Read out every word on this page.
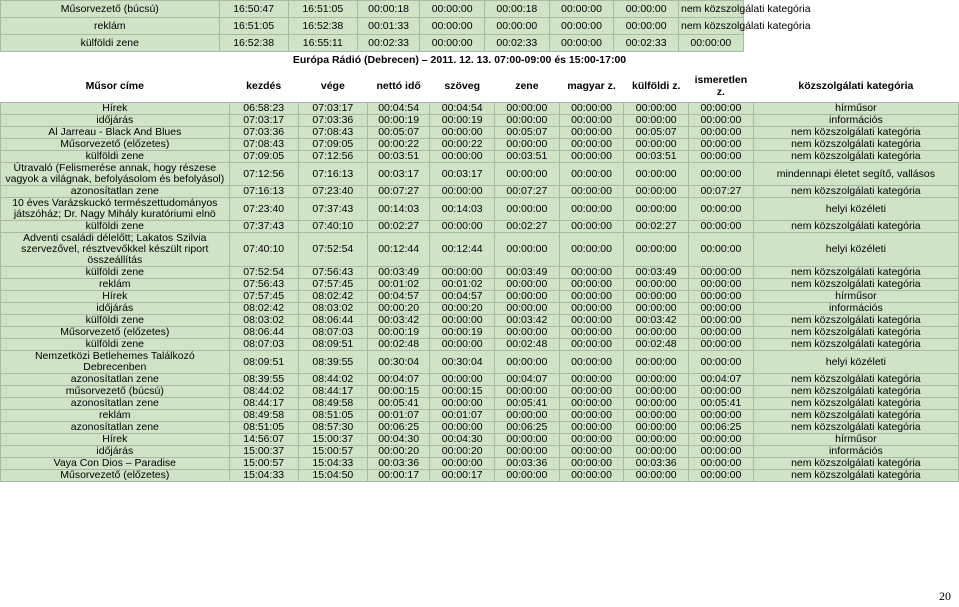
Műsorvezető (búcsú)	16:50:47	16:51:05	00:00:18	00:00:00	00:00:18	00:00:00	00:00:00	nem közszolgálati kategória
reklám	16:51:05	16:52:38	00:01:33	00:00:00	00:00:00	00:00:00	00:00:00	nem közszolgálati kategória
külföldi zene	16:52:38	16:55:11	00:02:33	00:00:00	00:02:33	00:00:00	00:02:33	00:00:00
Európa Rádió (Debrecen) – 2011. 12. 13. 07:00-09:00 és 15:00-17:00
Műsor címe	kezdés	vége	nettó idő	szöveg	zene	magyar z.	külföldi z.	ismeretlen z.	közszolgálati kategória
Hírek	06:58:23	07:03:17	00:04:54	00:04:54	00:00:00	00:00:00	00:00:00	00:00:00	hírműsor
időjárás	07:03:17	07:03:36	00:00:19	00:00:19	00:00:00	00:00:00	00:00:00	00:00:00	információs
Al Jarreau - Black And Blues	07:03:36	07:08:43	00:05:07	00:00:00	00:05:07	00:00:00	00:05:07	00:00:00	nem közszolgálati kategória
Műsorvezető (előzetes)	07:08:43	07:09:05	00:00:22	00:00:22	00:00:00	00:00:00	00:00:00	00:00:00	nem közszolgálati kategória
külföldi zene	07:09:05	07:12:56	00:03:51	00:00:00	00:03:51	00:00:00	00:03:51	00:00:00	nem közszolgálati kategória
Útravaló (Felismerése annak, hogy részese vagyok a világnak, befolyásolom és befolyásol)	07:12:56	07:16:13	00:03:17	00:03:17	00:00:00	00:00:00	00:00:00	00:00:00	mindennapi életet segítő, vallásos
azonosítatlan zene	07:16:13	07:23:40	00:07:27	00:00:00	00:07:27	00:00:00	00:00:00	00:07:27	nem közszolgálati kategória
10 éves Varázskuckó természettudományos játszóház; Dr. Nagy Mihály kuratóriumi elnö	07:23:40	07:37:43	00:14:03	00:14:03	00:00:00	00:00:00	00:00:00	00:00:00	helyi közéleti
külföldi zene	07:37:43	07:40:10	00:02:27	00:00:00	00:02:27	00:00:00	00:02:27	00:00:00	nem közszolgálati kategória
Adventi családi délelőtt; Lakatos Szilvia szervezővel, résztvevőkkel készült riport összeállítás	07:40:10	07:52:54	00:12:44	00:12:44	00:00:00	00:00:00	00:00:00	00:00:00	helyi közéleti
külföldi zene	07:52:54	07:56:43	00:03:49	00:00:00	00:03:49	00:00:00	00:03:49	00:00:00	nem közszolgálati kategória
reklám	07:56:43	07:57:45	00:01:02	00:01:02	00:00:00	00:00:00	00:00:00	00:00:00	nem közszolgálati kategória
Hírek	07:57:45	08:02:42	00:04:57	00:04:57	00:00:00	00:00:00	00:00:00	00:00:00	hírműsor
időjárás	08:02:42	08:03:02	00:00:20	00:00:20	00:00:00	00:00:00	00:00:00	00:00:00	információs
külföldi zene	08:03:02	08:06:44	00:03:42	00:00:00	00:03:42	00:00:00	00:03:42	00:00:00	nem közszolgálati kategória
Műsorvezető (előzetes)	08:06:44	08:07:03	00:00:19	00:00:19	00:00:00	00:00:00	00:00:00	00:00:00	nem közszolgálati kategória
külföldi zene	08:07:03	08:09:51	00:02:48	00:00:00	00:02:48	00:00:00	00:02:48	00:00:00	nem közszolgálati kategória
Nemzetközi Betlehemes Találkozó Debrecenben	08:09:51	08:39:55	00:30:04	00:30:04	00:00:00	00:00:00	00:00:00	00:00:00	helyi közéleti
azonosítatlan zene	08:39:55	08:44:02	00:04:07	00:00:00	00:04:07	00:00:00	00:00:00	00:04:07	nem közszolgálati kategória
műsorvezető (búcsú)	08:44:02	08:44:17	00:00:15	00:00:15	00:00:00	00:00:00	00:00:00	00:00:00	nem közszolgálati kategória
azonosítatlan zene	08:44:17	08:49:58	00:05:41	00:00:00	00:05:41	00:00:00	00:00:00	00:05:41	nem közszolgálati kategória
reklám	08:49:58	08:51:05	00:01:07	00:01:07	00:00:00	00:00:00	00:00:00	00:00:00	nem közszolgálati kategória
azonosítatlan zene	08:51:05	08:57:30	00:06:25	00:00:00	00:06:25	00:00:00	00:00:00	00:06:25	nem közszolgálati kategória
Hírek	14:56:07	15:00:37	00:04:30	00:04:30	00:00:00	00:00:00	00:00:00	00:00:00	hírműsor
időjárás	15:00:37	15:00:57	00:00:20	00:00:20	00:00:00	00:00:00	00:00:00	00:00:00	információs
Vaya Con Dios – Paradise	15:00:57	15:04:33	00:03:36	00:00:00	00:03:36	00:00:00	00:03:36	00:00:00	nem közszolgálati kategória
Műsorvezető (előzetes)	15:04:33	15:04:50	00:00:17	00:00:17	00:00:00	00:00:00	00:00:00	00:00:00	nem közszolgálati kategória
20
